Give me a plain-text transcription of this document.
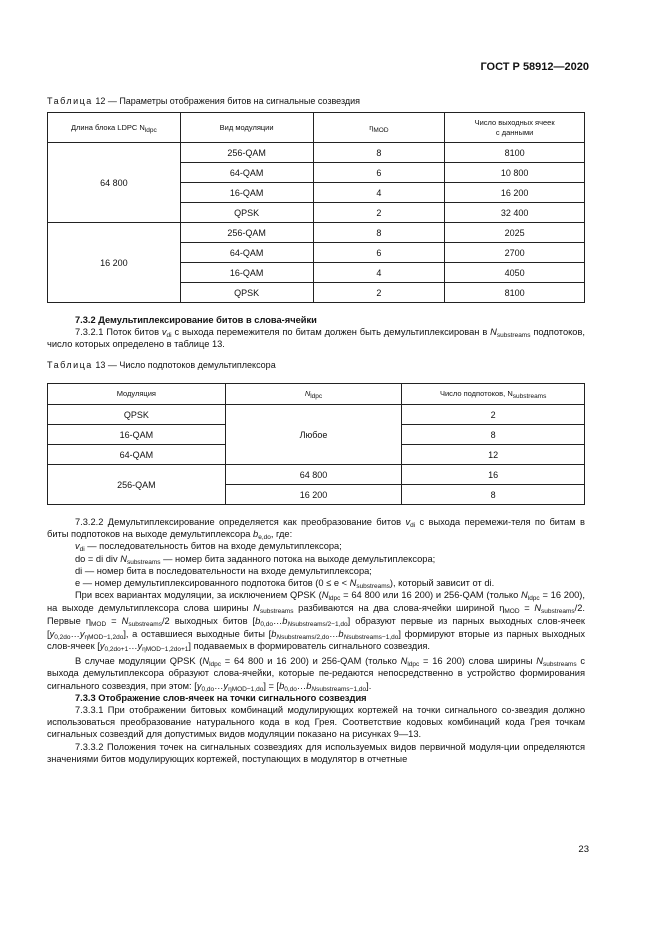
ГОСТ Р 58912—2020
Таблица 12 — Параметры отображения битов на сигнальные созвездия
Длина блока LDPC $N_{ldpc}$	Вид модуляции	$\eta_{MOD}$	Число выходных ячеек
с данными
64 800	256-QAM	8	8100
	64-QAM	6	10 800
	16-QAM	4	16 200
	QPSK	2	32 400
16 200	256-QAM	8	2025
	64-QAM	6	2700
	16-QAM	4	4050
	QPSK	2	8100
Таблица 13 — Число подпотоков демультиплексора
Модуляция	$N_{ldpc}$	Число подпотоков, $N_{substreams}$
QPSK	Любое	2
16-QAM		8
64-QAM		12
256-QAM	64 800	16
	16 200	8

7.3.2 Демультиплексирование битов в слова-ячейки

7.3.2.1 Поток битов $v_{di}$ с выхода перемежителя по битам должен быть демультиплексирован в $N_{substreams}$ подпотоков, число которых определено в таблице 13.

7.3.2.2 Демультиплексирование определяется как преобразование битов $v_{di}$ с выхода перемежи-теля по битам в биты подпотоков на выходе демультиплексора $b_{e,do}$, где:

$v_{di}$ — последовательность битов на входе демультиплексора;

do = di div $N_{substreams}$ — номер бита заданного потока на выходе демультиплексора;

di — номер бита в последовательности на входе демультиплексора;

e — номер демультиплексированного подпотока битов $(0 \le e < N_{substreams})$, который зависит от di.

При всех вариантах модуляции, за исключением QPSK ($N_{ldpc} = 64$ 800 или 16 200) и 256-QAM (только $N_{ldpc} = 16$ 200), на выходе демультиплексора слова ширины $N_{substreams}$ разбиваются на два слова-ячейки шириной $\eta_{MOD} = N_{substreams}/2$. Первые $\eta_{MOD} = N_{substreams}/2$ выходных битов $[b_{0,do}\dots b_{Nsubstreams/2-1,do}]$ образуют первые из парных выходных слов-ячеек $[y_{0,2do}\dots y_{\eta MOD-1,2do}]$, а оставшиеся выходные биты $[b_{Nsubstreams/2,do}\dots b_{Nsubstreams-1,do}]$ формируют вторые из парных выходных слов-ячеек $[y_{0,2do+1}\dots y_{\eta MOD-1,2do+1}]$ подаваемых в формирователь сигнального созвездия.

В случае модуляции QPSK ($N_{ldpc} = 64$ 800 и 16 200) и 256-QAM (только $N_{ldpc} = 16$ 200) слова ширины $N_{substreams}$ с выхода демультиплексора образуют слова-ячейки, которые пе-редаются непосредственно в устройство формирования сигнального созвездия, при этом: $[y_{0,do}\dots y_{\eta MOD-1,do}]$ = $[b_{0,do}\dots b_{Nsubstreams-1,do}]$.

7.3.3 Отображение слов-ячеек на точки сигнального созвездия

7.3.3.1 При отображении битовых комбинаций модулирующих кортежей на точки сигнального со-звездия должно использоваться преобразование натурального кода в код Грея. Соответствие кодовых комбинаций кода Грея точкам сигнальных созвездий для допустимых видов модуляции показано на рисунках 9—13.

7.3.3.2 Положения точек на сигнальных созвездиях для используемых видов первичной модуля-ции определяются значениями битов модулирующих кортежей, поступающих в модулятор в отчетные

23
